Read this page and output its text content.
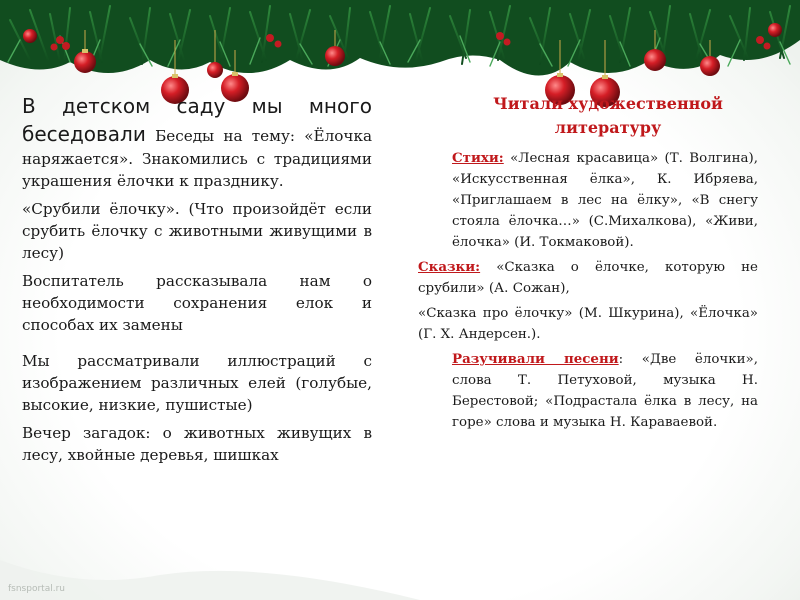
В детском саду мы много беседовали Беседы на тему: «Ёлочка наряжается». Знакомились с традициями украшения ёлочки к празднику.

«Срубили ёлочку». (Что произойдёт если срубить ёлочку с животными живущими в лесу)

Воспитатель рассказывала нам о необходимости сохранения елок и способах их замены

Мы рассматривали иллюстраций с изображением различных елей (голубые, высокие, низкие, пушистые)

Вечер загадок: о животных живущих в лесу, хвойные деревья, шишках

Читали художественной литературу

Стихи: «Лесная красавица» (Т. Волгина), «Искусственная ёлка», К. Ибряева, «Приглашаем в лес на ёлку», «В снегу стояла ёлочка…» (С.Михалкова), «Живи, ёлочка» (И. Токмаковой).

Сказки: «Сказка о ёлочке, которую не срубили» (А. Сожан),

«Сказка про ёлочку» (М. Шкурина), «Ёлочка» (Г. Х. Андерсен.).

Разучивали песени: «Две ёлочки», слова Т. Петуховой, музыка Н. Берестовой; «Подрастала ёлка в лесу, на горе» слова и музыка Н. Караваевой.

fsnsportal.ru
